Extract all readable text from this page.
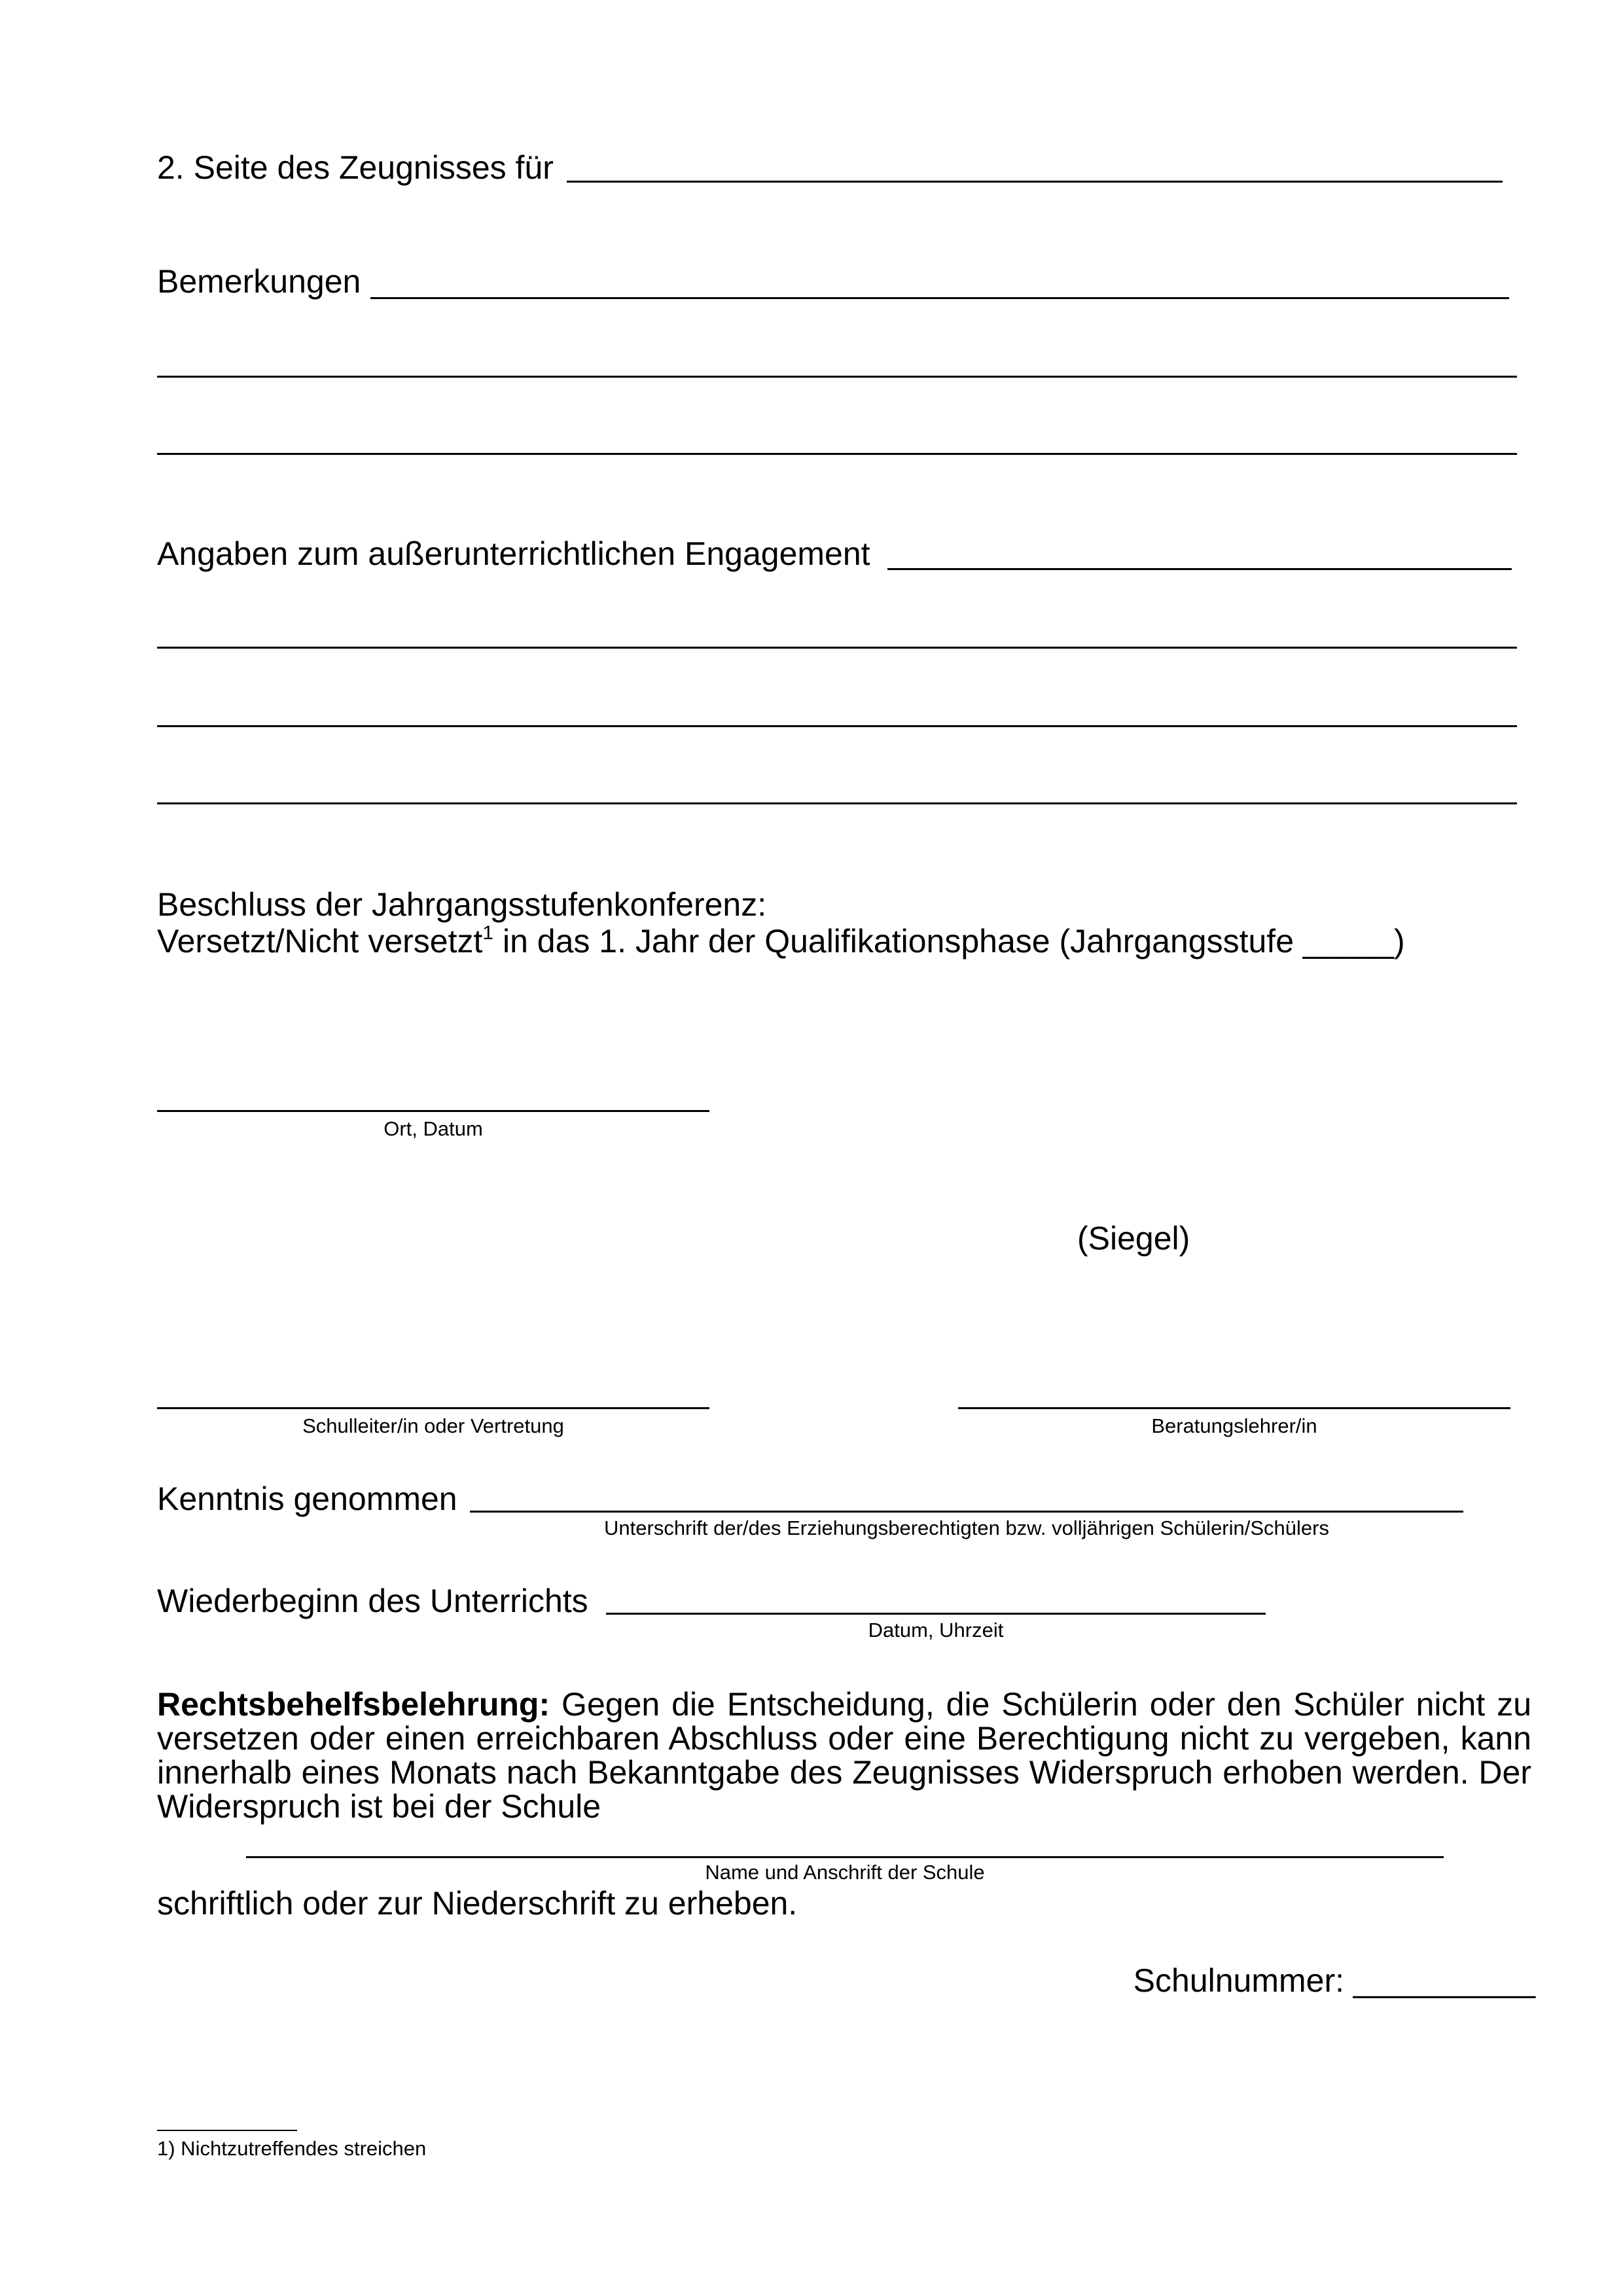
2. Seite des Zeugnisses für
Bemerkungen
Angaben zum außerunterrichtlichen Engagement
Beschluss der Jahrgangsstufenkonferenz:
Versetzt/Nicht versetzt$^1$ in das 1. Jahr der Qualifikationsphase (Jahrgangsstufe _____)
Ort, Datum
(Siegel)
Schulleiter/in oder Vertretung	Beratungslehrer/in
Kenntnis genommen
Unterschrift der/des Erziehungsberechtigten bzw. volljährigen Schülerin/Schülers
Wiederbeginn des Unterrichts
Datum, Uhrzeit
Rechtsbehelfsbelehrung: Gegen die Entscheidung, die Schülerin oder den Schüler nicht zu versetzen oder einen erreichbaren Abschluss oder eine Berechtigung nicht zu vergeben, kann innerhalb eines Monats nach Bekanntgabe des Zeugnisses Widerspruch erhoben werden. Der Widerspruch ist bei der Schule
Name und Anschrift der Schule
schriftlich oder zur Niederschrift zu erheben.
Schulnummer: __________
1) Nichtzutreffendes streichen
